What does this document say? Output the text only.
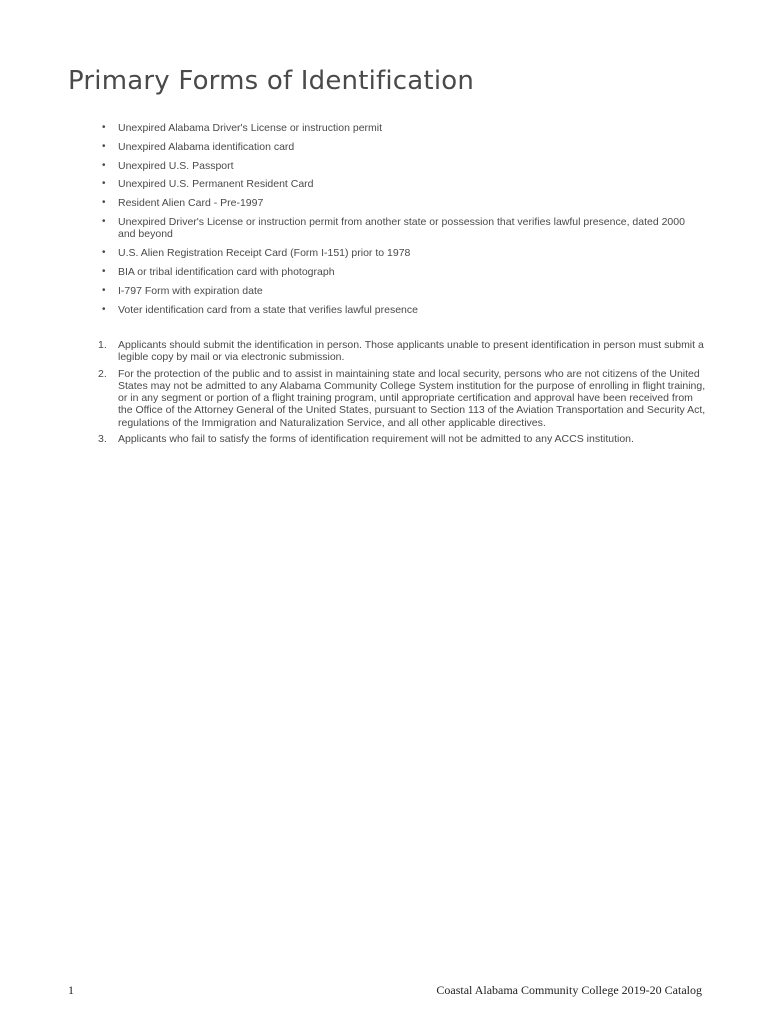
Primary Forms of Identification
• Unexpired Alabama Driver's License or instruction permit
• Unexpired Alabama identification card
• Unexpired U.S. Passport
• Unexpired U.S. Permanent Resident Card
• Resident Alien Card - Pre-1997
• Unexpired Driver's License or instruction permit from another state or possession that verifies lawful presence, dated 2000 and beyond
• U.S. Alien Registration Receipt Card (Form I-151) prior to 1978
• BIA or tribal identification card with photograph
• I-797 Form with expiration date
• Voter identification card from a state that verifies lawful presence
1. Applicants should submit the identification in person. Those applicants unable to present identification in person must submit a legible copy by mail or via electronic submission.
2. For the protection of the public and to assist in maintaining state and local security, persons who are not citizens of the United States may not be admitted to any Alabama Community College System institution for the purpose of enrolling in flight training, or in any segment or portion of a flight training program, until appropriate certification and approval have been received from the Office of the Attorney General of the United States, pursuant to Section 113 of the Aviation Transportation and Security Act, regulations of the Immigration and Naturalization Service, and all other applicable directives.
3. Applicants who fail to satisfy the forms of identification requirement will not be admitted to any ACCS institution.
1	Coastal Alabama Community College 2019-20 Catalog
